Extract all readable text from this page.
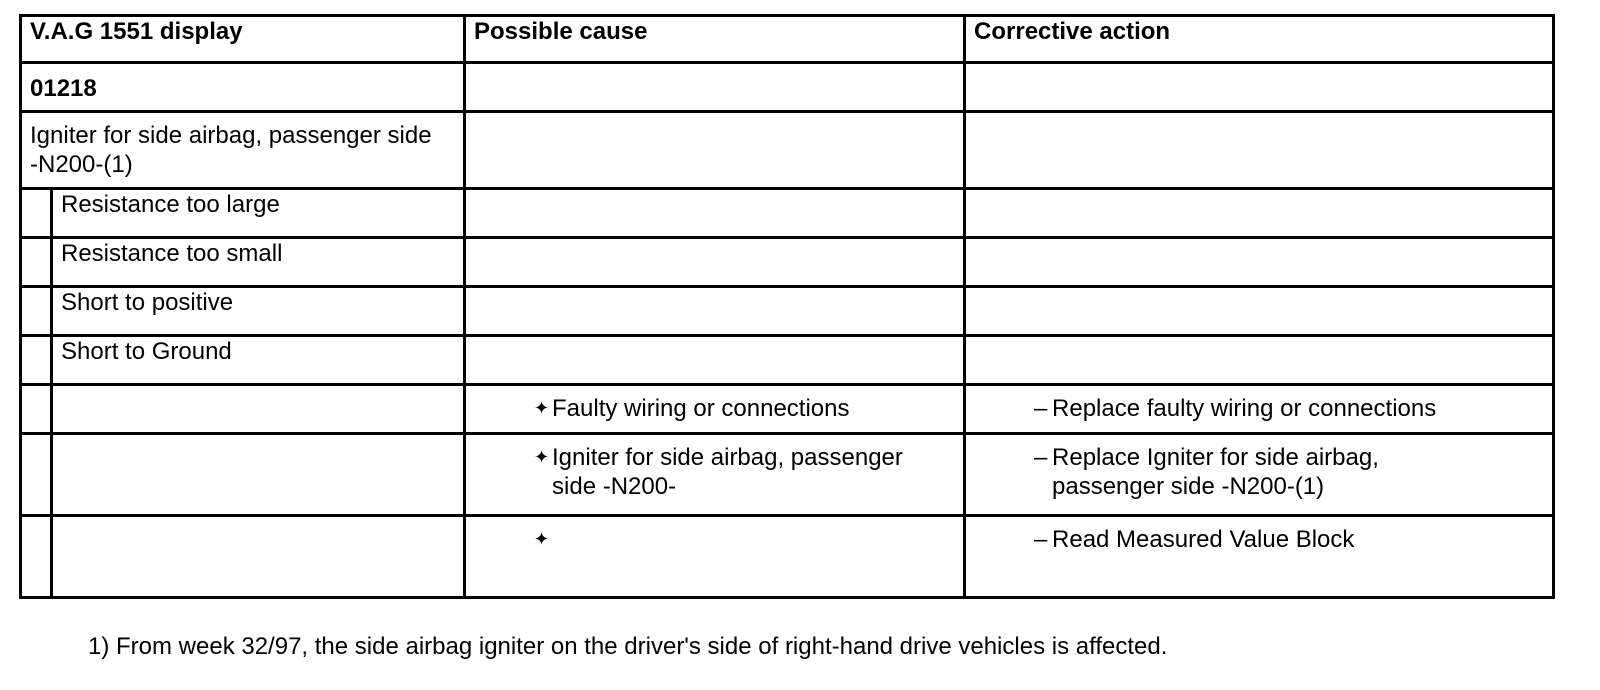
V.A.G 1551 display		Possible cause	Corrective action
01218			
Igniter for side airbag, passenger side -N200-(1)			
	Resistance too large		
	Resistance too small		
	Short to positive		
	Short to Ground		

		✦ Faulty wiring or connections	– Replace faulty wiring or connections

		✦ Igniter for side airbag, passenger side -N200-	– Replace Igniter for side airbag, passenger side -N200-(1)

		✦	– Read Measured Value Block
1) From week 32/97, the side airbag igniter on the driver's side of right-hand drive vehicles is affected.
